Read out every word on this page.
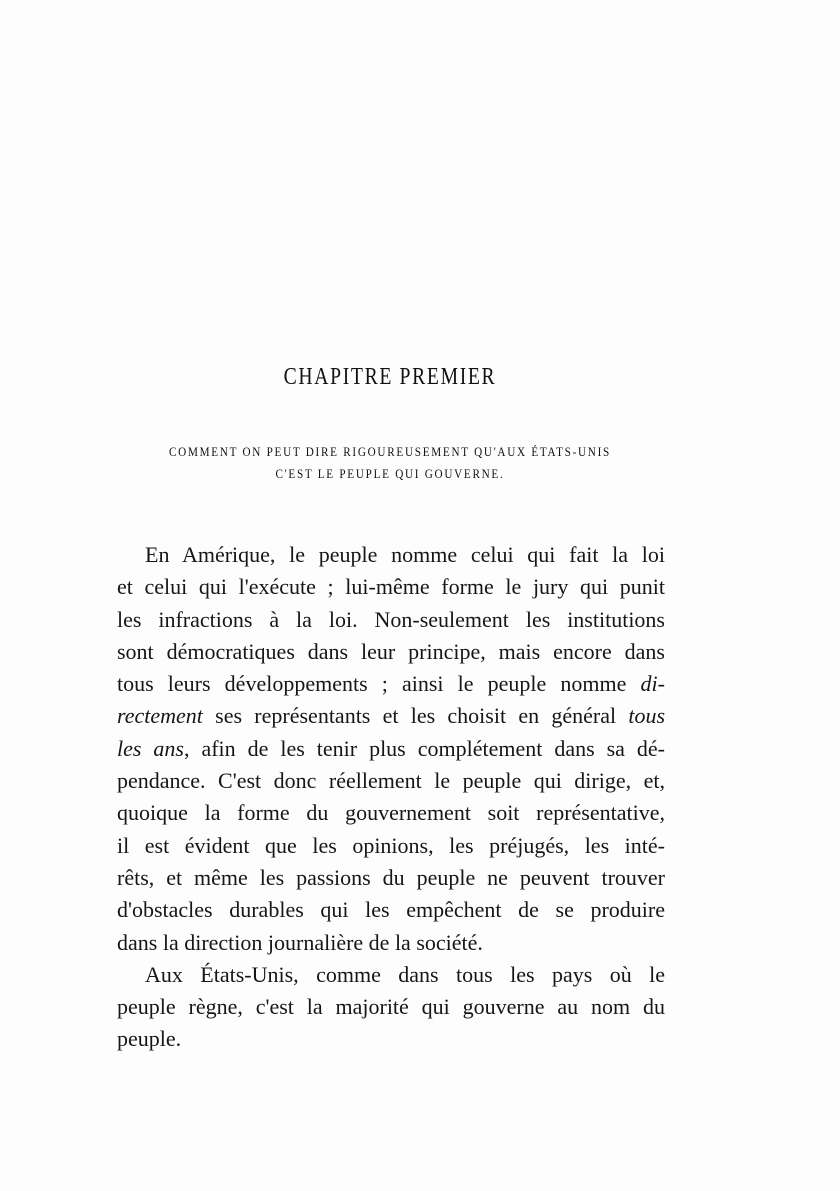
CHAPITRE PREMIER
COMMENT ON PEUT DIRE RIGOUREUSEMENT QU'AUX ÉTATS-UNIS
C'EST LE PEUPLE QUI GOUVERNE.
En Amérique, le peuple nomme celui qui fait la loi
et celui qui l'exécute ; lui-même forme le jury qui punit
les infractions à la loi. Non-seulement les institutions
sont démocratiques dans leur principe, mais encore dans
tous leurs développements ; ainsi le peuple nomme di-
rectement ses représentants et les choisit en général tous
les ans, afin de les tenir plus complétement dans sa dé-
pendance. C'est donc réellement le peuple qui dirige, et,
quoique la forme du gouvernement soit représentative,
il est évident que les opinions, les préjugés, les inté-
rêts, et même les passions du peuple ne peuvent trouver
d'obstacles durables qui les empêchent de se produire
dans la direction journalière de la société.
Aux États-Unis, comme dans tous les pays où le
peuple règne, c'est la majorité qui gouverne au nom du
peuple.
